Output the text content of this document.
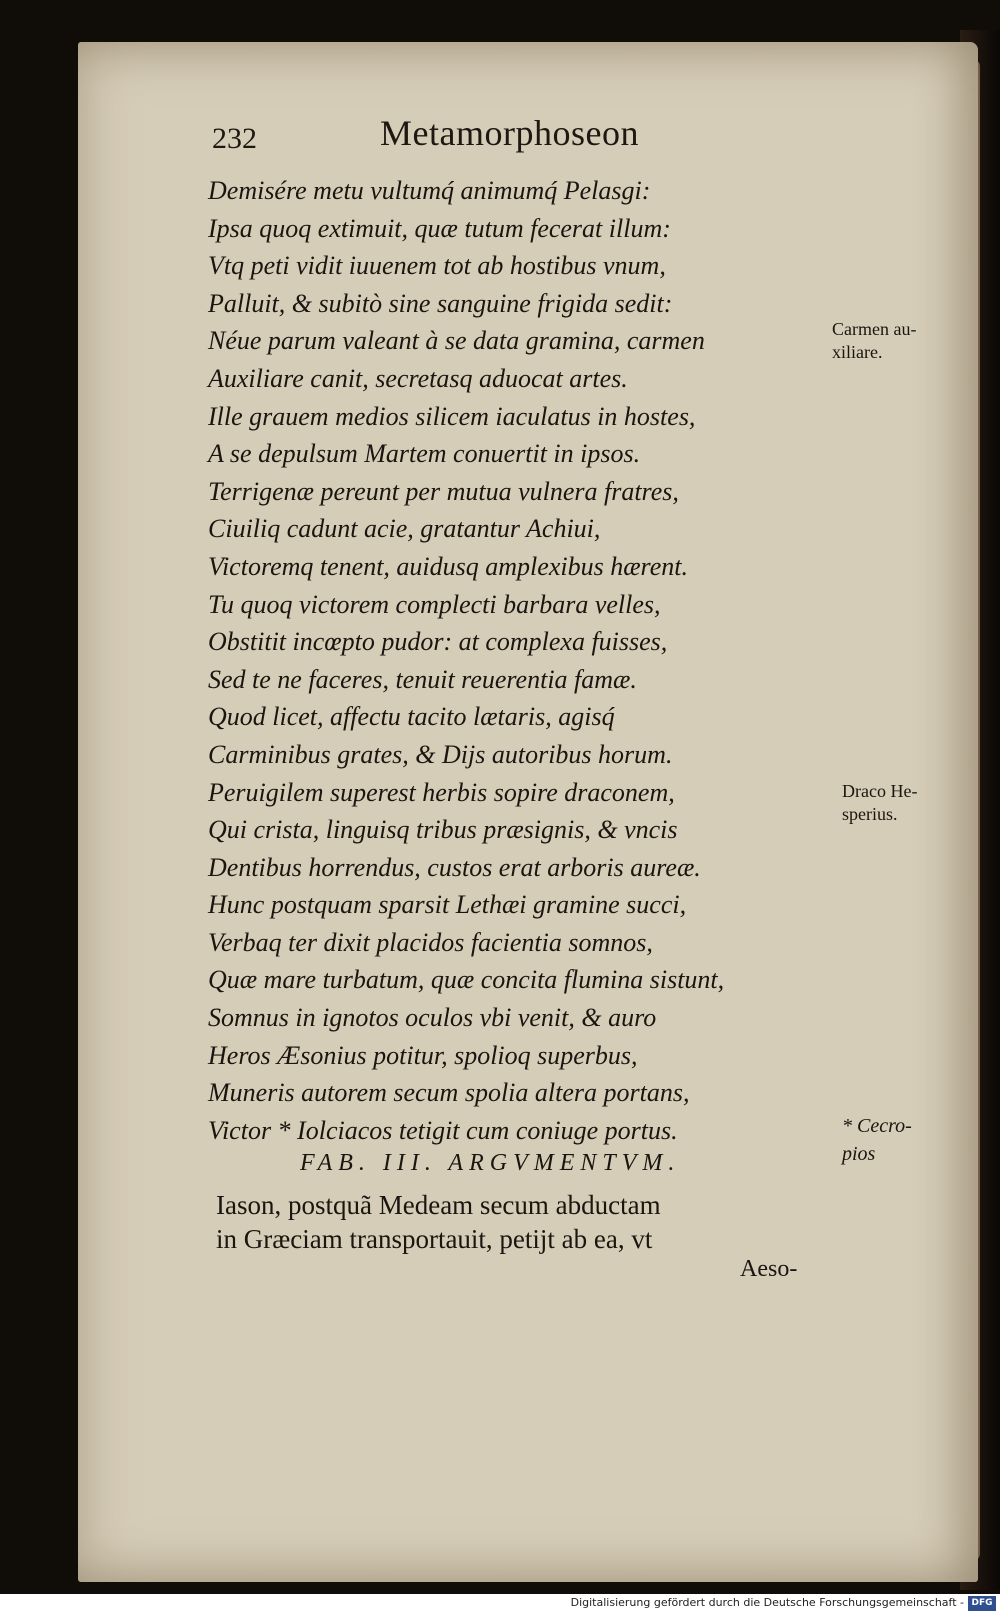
232	Metamorphoseon
Demisére metu vultumq́ animumq́ Pelasgi:
Ipsa quoq extimuit, quæ tutum fecerat illum:
Vtq peti vidit iuuenem tot ab hostibus vnum,
Palluit, & subitò sine sanguine frigida sedit:
Néue parum valeant à se data gramina, carmen
Auxiliare canit, secretasq aduocat artes.
Ille grauem medios silicem iaculatus in hostes,
A se depulsum Martem conuertit in ipsos.
Terrigenæ pereunt per mutua vulnera fratres,
Ciuiliq cadunt acie, gratantur Achiui,
Victoremq tenent, auidusq amplexibus hærent.
Tu quoq victorem complecti barbara velles,
Obstitit incœpto pudor: at complexa fuisses,
Sed te ne faceres, tenuit reuerentia famæ.
Quod licet, affectu tacito lætaris, agisq́
Carminibus grates, & Dijs autoribus horum.
Peruigilem superest herbis sopire draconem,
Qui crista, linguisq tribus præsignis, & vncis
Dentibus horrendus, custos erat arboris aureæ.
Hunc postquam sparsit Lethæi gramine succi,
Verbaq ter dixit placidos facientia somnos,
Quæ mare turbatum, quæ concita flumina sistunt,
Somnus in ignotos oculos vbi venit, & auro
Heros Æsonius potitur, spolioq superbus,
Muneris autorem secum spolia altera portans,
Victor * Iolciacos tetigit cum coniuge portus.
Carmen au-
xiliare.
Draco He-
sperius.
* Cecro-
pios
FAB. III. ARGVMENTVM.
Iason, postquã Medeam secum abductam
in Græciam transportauit, petijt ab ea, vt
Aeso-
Digitalisierung gefördert durch die Deutsche Forschungsgemeinschaft - DFG
